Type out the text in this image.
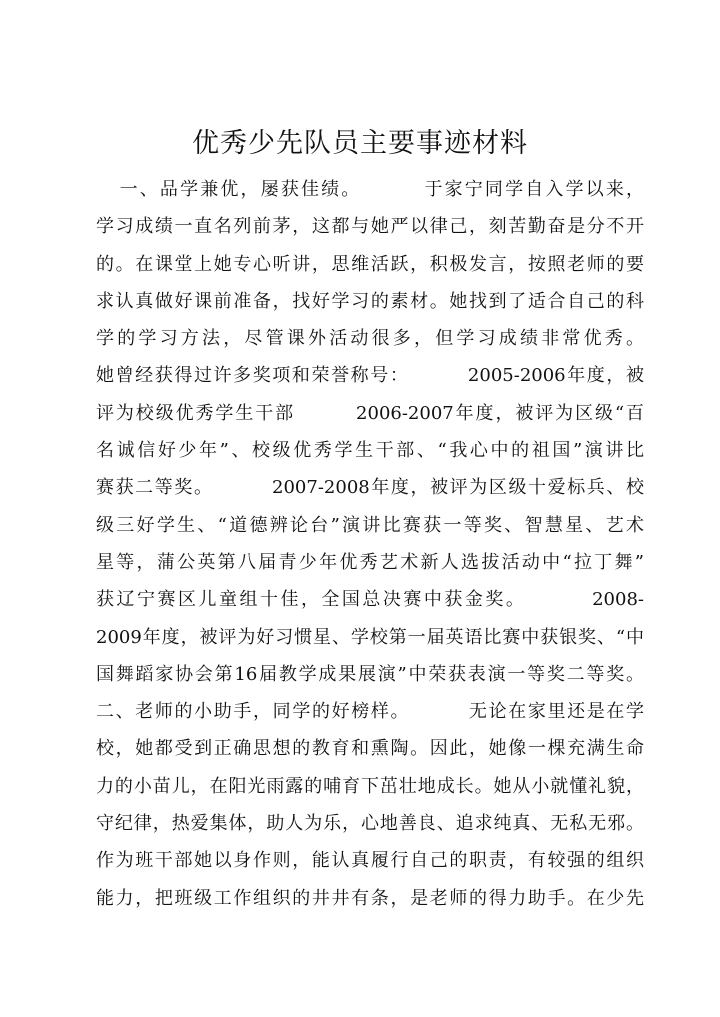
优秀少先队员主要事迹材料
一、品学兼优，屡获佳绩。        于家宁同学自入学以来，
学习成绩一直名列前茅，这都与她严以律己，刻苦勤奋是分不开
的。在课堂上她专心听讲，思维活跃，积极发言，按照老师的要
求认真做好课前准备，找好学习的素材。她找到了适合自己的科
学的学习方法，尽管课外活动很多，但学习成绩非常优秀。
她曾经获得过许多奖项和荣誉称号：        2005-2006年度，被
评为校级优秀学生干部        2006-2007年度，被评为区级“百
名诚信好少年”、校级优秀学生干部、“我心中的祖国”演讲比
赛获二等奖。        2007-2008年度，被评为区级十爱标兵、校
级三好学生、“道德辨论台”演讲比赛获一等奖、智慧星、艺术
星等，蒲公英第八届青少年优秀艺术新人选拔活动中“拉丁舞”
获辽宁赛区儿童组十佳，全国总决赛中获金奖。        2008-
2009年度，被评为好习惯星、学校第一届英语比赛中获银奖、“中
国舞蹈家协会第16届教学成果展演”中荣获表演一等奖二等奖。
二、老师的小助手，同学的好榜样。        无论在家里还是在学
校，她都受到正确思想的教育和熏陶。因此，她像一棵充满生命
力的小苗儿，在阳光雨露的哺育下茁壮地成长。她从小就懂礼貌，
守纪律，热爱集体，助人为乐，心地善良、追求纯真、无私无邪。
作为班干部她以身作则，能认真履行自己的职责，有较强的组织
能力，把班级工作组织的井井有条，是老师的得力助手。在少先
